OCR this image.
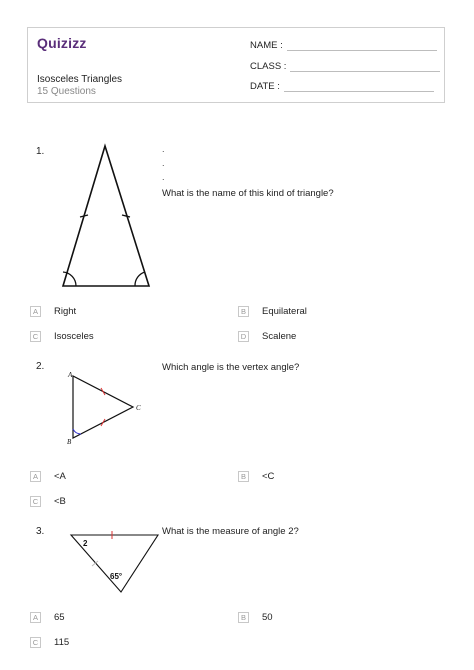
Quizizz
Isosceles Triangles
15 Questions
NAME :
CLASS :
DATE :
1.	.
.
.
What is the name of this kind of triangle?
A	Right	B	Equilateral
C Isosceles	D Scalene
2.
A
B
C
Which angle is the vertex angle?
A	<A	B	<C
C <B
3.
2
65°
What is the measure of angle 2?
A	65	B	50
C 115
